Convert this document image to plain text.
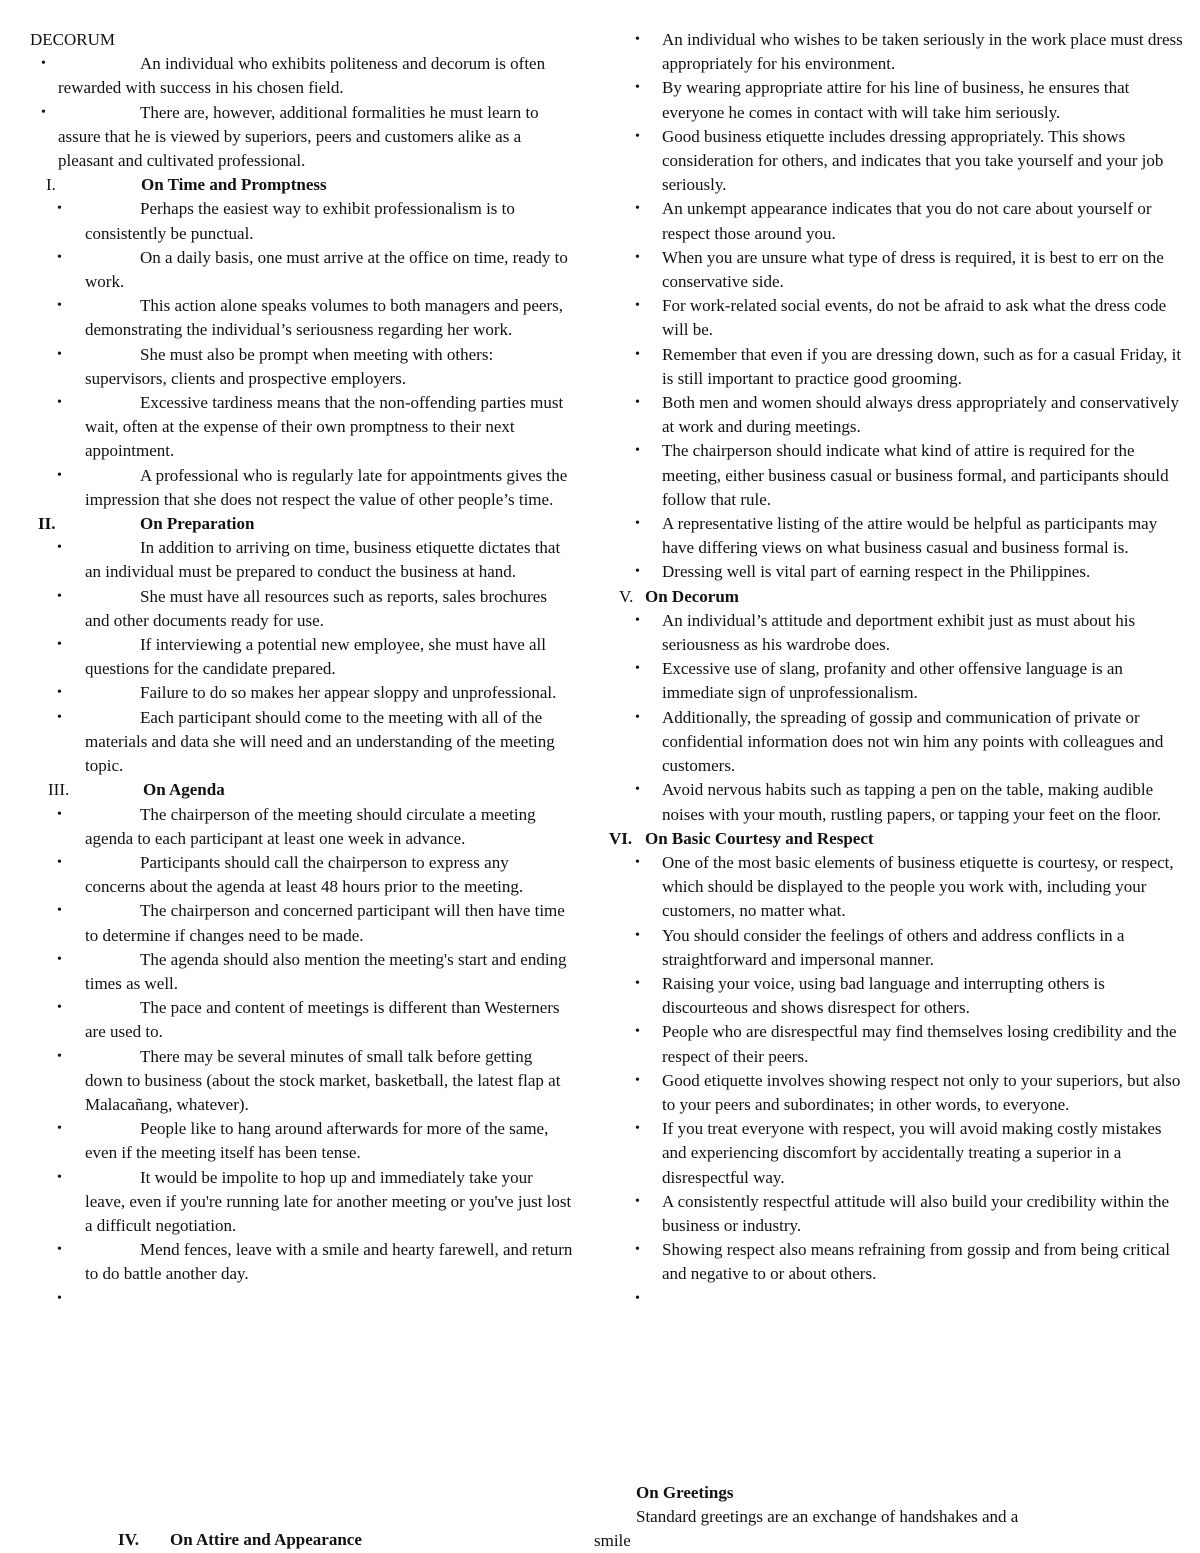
DECORUM
•	An individual who exhibits politeness and decorum is often rewarded with success in his chosen field.
•	There are, however, additional formalities he must learn to assure that he is viewed by superiors, peers and customers alike as a pleasant and cultivated professional.
I.	On Time and Promptness
•	Perhaps the easiest way to exhibit professionalism is to consistently be punctual.
•	On a daily basis, one must arrive at the office on time, ready to work.
•	This action alone speaks volumes to both managers and peers, demonstrating the individual’s seriousness regarding her work.
•	She must also be prompt when meeting with others: supervisors, clients and prospective employers.
•	Excessive tardiness means that the non-offending parties must wait, often at the expense of their own promptness to their next appointment.
•	A professional who is regularly late for appointments gives the impression that she does not respect the value of other people’s time.
II.	On Preparation
•	In addition to arriving on time, business etiquette dictates that an individual must be prepared to conduct the business at hand.
•	She must have all resources such as reports, sales brochures and other documents ready for use.
•	If interviewing a potential new employee, she must have all questions for the candidate prepared.
•	Failure to do so makes her appear sloppy and unprofessional.
•	Each participant should come to the meeting with all of the materials and data she will need and an understanding of the meeting topic.
III.	On Agenda
•	The chairperson of the meeting should circulate a meeting agenda to each participant at least one week in advance.
•	Participants should call the chairperson to express any concerns about the agenda at least 48 hours prior to the meeting.
•	The chairperson and concerned participant will then have time to determine if changes need to be made.
•	The agenda should also mention the meeting's start and ending times as well.
•	The pace and content of meetings is different than Westerners are used to.
•	There may be several minutes of small talk before getting down to business (about the stock market, basketball, the latest flap at Malacañang, whatever).
•	People like to hang around afterwards for more of the same, even if the meeting itself has been tense.
•	It would be impolite to hop up and immediately take your leave, even if you're running late for another meeting or you've just lost a difficult negotiation.
•	Mend fences, leave with a smile and hearty farewell, and return to do battle another day.
•
IV. On Attire and Appearance
• An individual who wishes to be taken seriously in the work place must dress appropriately for his environment.
• By wearing appropriate attire for his line of business, he ensures that everyone he comes in contact with will take him seriously.
• Good business etiquette includes dressing appropriately. This shows consideration for others, and indicates that you take yourself and your job seriously.
• An unkempt appearance indicates that you do not care about yourself or respect those around you.
• When you are unsure what type of dress is required, it is best to err on the conservative side.
• For work-related social events, do not be afraid to ask what the dress code will be.
• Remember that even if you are dressing down, such as for a casual Friday, it is still important to practice good grooming.
• Both men and women should always dress appropriately and conservatively at work and during meetings.
• The chairperson should indicate what kind of attire is required for the meeting, either business casual or business formal, and participants should follow that rule.
• A representative listing of the attire would be helpful as participants may have differing views on what business casual and business formal is.
• Dressing well is vital part of earning respect in the Philippines.
V. On Decorum
• An individual’s attitude and deportment exhibit just as must about his seriousness as his wardrobe does.
• Excessive use of slang, profanity and other offensive language is an immediate sign of unprofessionalism.
• Additionally, the spreading of gossip and communication of private or confidential information does not win him any points with colleagues and customers.
• Avoid nervous habits such as tapping a pen on the table, making audible noises with your mouth, rustling papers, or tapping your feet on the floor.
VI. On Basic Courtesy and Respect
• One of the most basic elements of business etiquette is courtesy, or respect, which should be displayed to the people you work with, including your customers, no matter what.
• You should consider the feelings of others and address conflicts in a straightforward and impersonal manner.
• Raising your voice, using bad language and interrupting others is discourteous and shows disrespect for others.
• People who are disrespectful may find themselves losing credibility and the respect of their peers.
• Good etiquette involves showing respect not only to your superiors, but also to your peers and subordinates; in other words, to everyone.
• If you treat everyone with respect, you will avoid making costly mistakes and experiencing discomfort by accidentally treating a superior in a disrespectful way.
• A consistently respectful attitude will also build your credibility within the business or industry.
• Showing respect also means refraining from gossip and from being critical and negative to or about others.
•
On Greetings
Standard greetings are an exchange of handshakes and a
smile
